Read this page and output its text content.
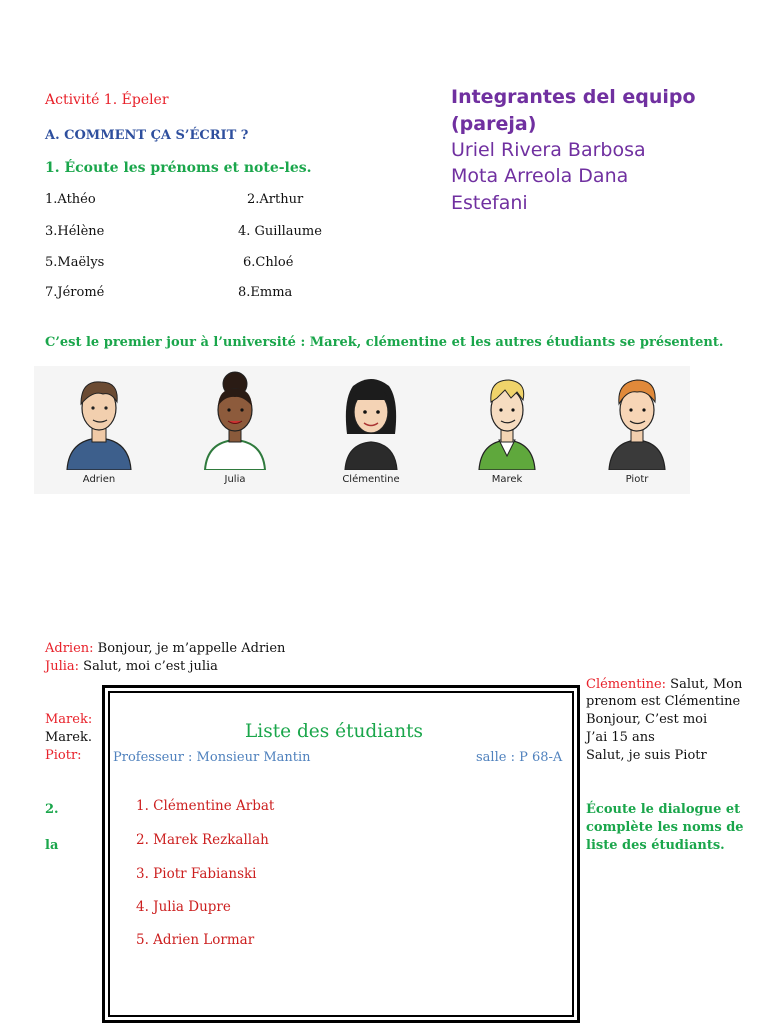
Activité 1. Épeler
A. COMMENT ÇA S’ÉCRIT ?
1. Écoute les prénoms et note-les.
1.Athéo	2.Arthur
3.Hélène	4. Guillaume
5.Maëlys	6.Chloé
7.Jéromé	8.Emma
Integrantes del equipo
(pareja)
Uriel Rivera Barbosa
Mota Arreola Dana
Estefani
C’est le premier jour à l’université : Marek, clémentine et les autres étudiants se présentent.
Adrien	Julia	Clémentine	Marek	Piotr
Adrien: Bonjour, je m’appelle Adrien
Julia: Salut, moi c’est julia
Clémentine: Salut, Mon
prenom est Clémentine
Bonjour, C’est moi
J’ai 15 ans
Salut, je suis Piotr
Marek:
Marek.
Piotr:
2.
la
Écoute le dialogue et
complète les noms de
liste des étudiants.
Liste des étudiants
Professeur : Monsieur Mantin	salle : P 68-A
1. Clémentine Arbat
2. Marek Rezkallah
3. Piotr Fabianski
4. Julia Dupre
5. Adrien Lormar
